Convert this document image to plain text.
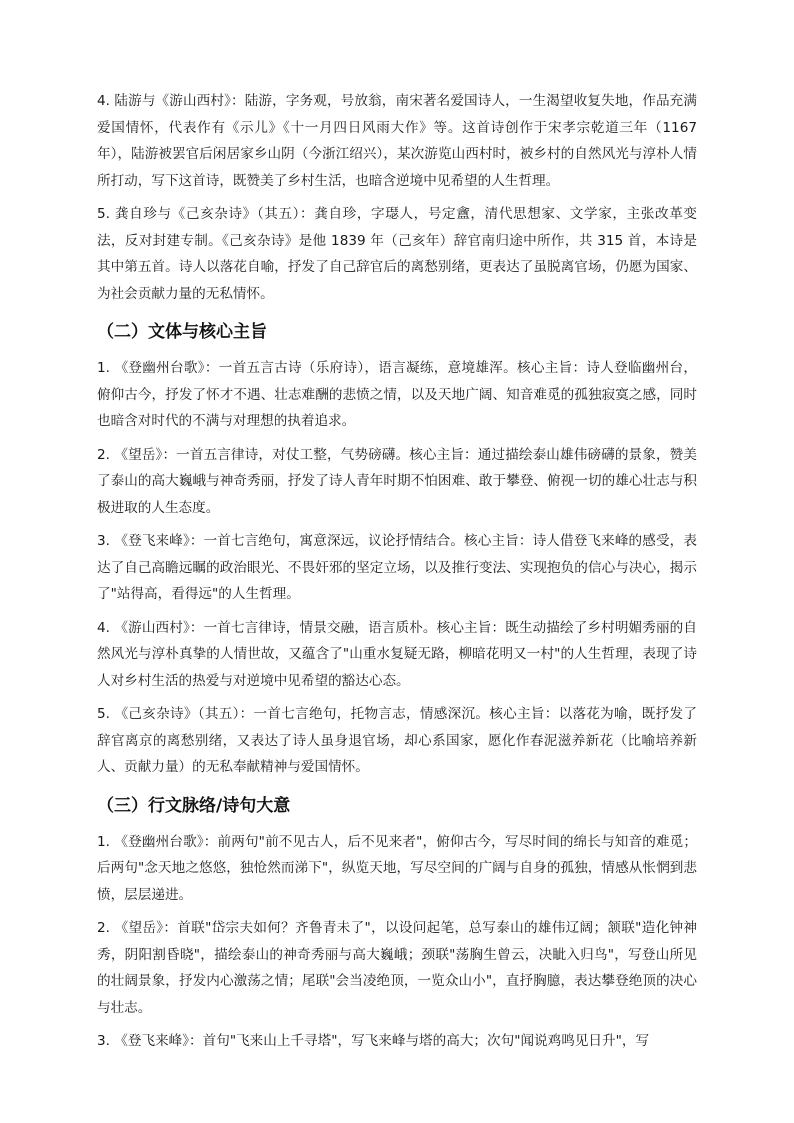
4. 陆游与《游山西村》：陆游，字务观，号放翁，南宋著名爱国诗人，一生渴望收复失地，作品充满爱国情怀，代表作有《示儿》《十一月四日风雨大作》等。这首诗创作于宋孝宗乾道三年（1167 年），陆游被罢官后闲居家乡山阴（今浙江绍兴），某次游览山西村时，被乡村的自然风光与淳朴人情所打动，写下这首诗，既赞美了乡村生活，也暗含逆境中见希望的人生哲理。

5. 龚自珍与《己亥杂诗》（其五）：龚自珍，字璱人，号定盦，清代思想家、文学家，主张改革变法，反对封建专制。《己亥杂诗》是他 1839 年（己亥年）辞官南归途中所作，共 315 首，本诗是其中第五首。诗人以落花自喻，抒发了自己辞官后的离愁别绪，更表达了虽脱离官场，仍愿为国家、为社会贡献力量的无私情怀。

（二）文体与核心主旨

1. 《登幽州台歌》：一首五言古诗（乐府诗），语言凝练，意境雄浑。核心主旨：诗人登临幽州台，俯仰古今，抒发了怀才不遇、壮志难酬的悲愤之情，以及天地广阔、知音难觅的孤独寂寞之感，同时也暗含对时代的不满与对理想的执着追求。

2. 《望岳》：一首五言律诗，对仗工整，气势磅礴。核心主旨：通过描绘泰山雄伟磅礴的景象，赞美了泰山的高大巍峨与神奇秀丽，抒发了诗人青年时期不怕困难、敢于攀登、俯视一切的雄心壮志与积极进取的人生态度。

3. 《登飞来峰》：一首七言绝句，寓意深远，议论抒情结合。核心主旨：诗人借登飞来峰的感受，表达了自己高瞻远瞩的政治眼光、不畏奸邪的坚定立场，以及推行变法、实现抱负的信心与决心，揭示了"站得高，看得远"的人生哲理。

4. 《游山西村》：一首七言律诗，情景交融，语言质朴。核心主旨：既生动描绘了乡村明媚秀丽的自然风光与淳朴真挚的人情世故，又蕴含了"山重水复疑无路，柳暗花明又一村"的人生哲理，表现了诗人对乡村生活的热爱与对逆境中见希望的豁达心态。

5. 《己亥杂诗》（其五）：一首七言绝句，托物言志，情感深沉。核心主旨：以落花为喻，既抒发了辞官离京的离愁别绪，又表达了诗人虽身退官场，却心系国家，愿化作春泥滋养新花（比喻培养新人、贡献力量）的无私奉献精神与爱国情怀。

（三）行文脉络/诗句大意

1. 《登幽州台歌》：前两句"前不见古人，后不见来者"，俯仰古今，写尽时间的绵长与知音的难觅；后两句"念天地之悠悠，独怆然而涕下"，纵览天地，写尽空间的广阔与自身的孤独，情感从怅惘到悲愤，层层递进。

2. 《望岳》：首联"岱宗夫如何？齐鲁青未了"，以设问起笔，总写泰山的雄伟辽阔；颔联"造化钟神秀，阴阳割昏晓"，描绘泰山的神奇秀丽与高大巍峨；颈联"荡胸生曾云，决眦入归鸟"，写登山所见的壮阔景象，抒发内心激荡之情；尾联"会当凌绝顶，一览众山小"，直抒胸臆，表达攀登绝顶的决心与壮志。

3. 《登飞来峰》：首句"飞来山上千寻塔"，写飞来峰与塔的高大；次句"闻说鸡鸣见日升"，写
